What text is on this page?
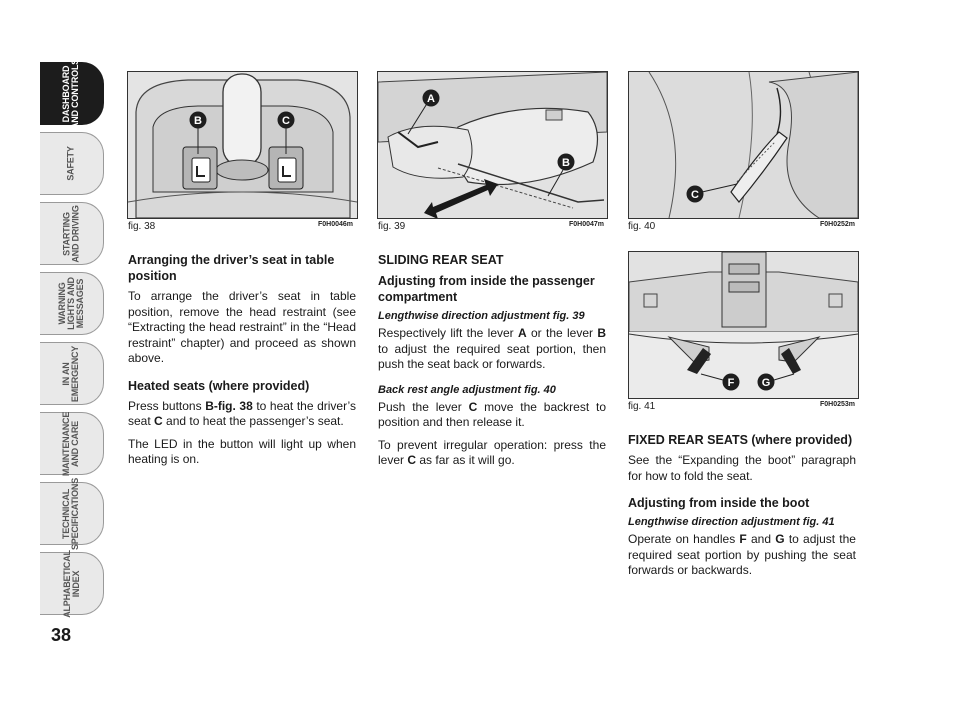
DASHBOARD
AND CONTROLS
SAFETY
STARTING
AND DRIVING
WARNING
LIGHTS AND
MESSAGES
IN AN
EMERGENCY
MAINTENANCE
AND CARE
TECHNICAL
SPECIFICATIONS
ALPHABETICAL
INDEX
38
B	C
fig. 38	F0H0046m
A
B
fig. 39	F0H0047m
C
fig. 40	F0H0252m
F G
fig. 41	F0H0253m
Arranging the driver’s seat in table position

To arrange the driver’s seat in table position, remove the head restraint (see “Extracting the head restraint” in the “Head restraint” chapter) and proceed as shown above.

Heated seats (where provided)

Press buttons B-fig. 38 to heat the driver’s seat C and to heat the passenger’s seat.

The LED in the button will light up when heating is on.

SLIDING REAR SEAT
Adjusting from inside the passenger compartment
Lengthwise direction adjustment fig. 39

Respectively lift the lever A or the lever B to adjust the required seat portion, then push the seat back or forwards.

Back rest angle adjustment fig. 40

Push the lever C move the backrest to position and then release it.

To prevent irregular operation: press the lever C as far as it will go.

FIXED REAR SEATS (where provided)

See the “Expanding the boot” paragraph for how to fold the seat.

Adjusting from inside the boot
Lengthwise direction adjustment fig. 41

Operate on handles F and G to adjust the required seat portion by pushing the seat forwards or backwards.
